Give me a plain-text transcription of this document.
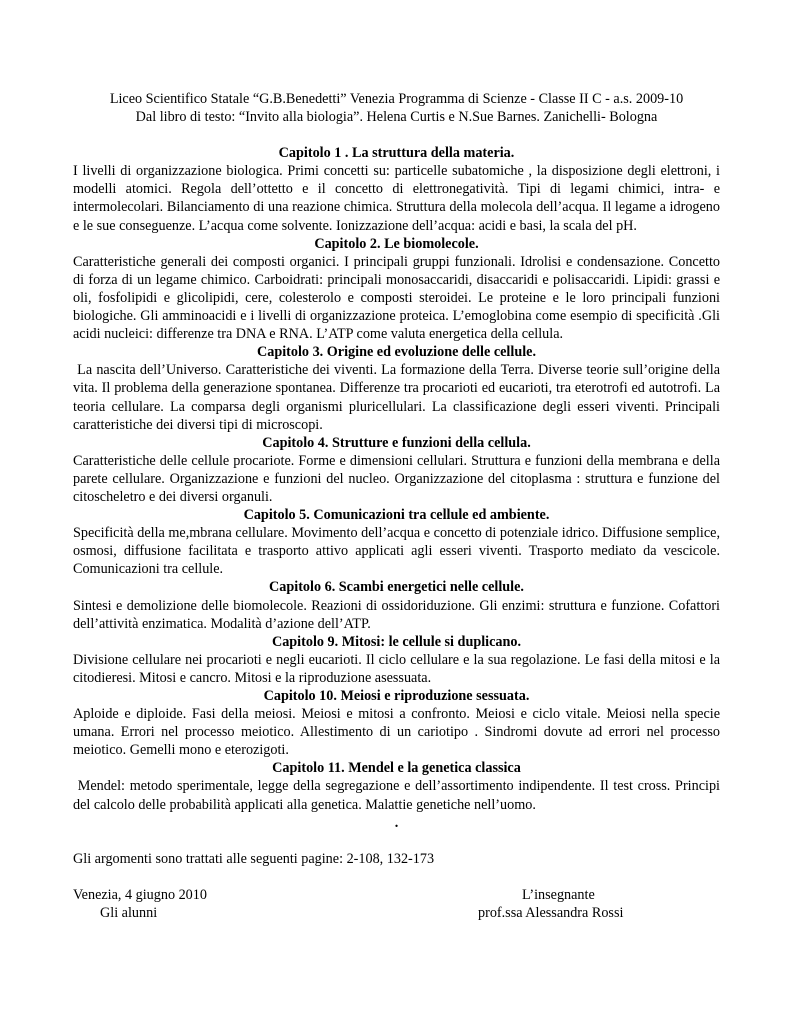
Liceo Scientifico Statale “G.B.Benedetti” Venezia Programma di Scienze - Classe II C - a.s. 2009-10
Dal libro di testo: “Invito alla biologia”. Helena Curtis e N.Sue Barnes. Zanichelli- Bologna

Capitolo 1 . La struttura della materia.

I livelli di organizzazione biologica. Primi concetti su: particelle subatomiche , la disposizione degli elettroni, i modelli atomici. Regola dell’ottetto e il concetto di elettronegatività. Tipi di legami chimici, intra- e intermolecolari. Bilanciamento di una reazione chimica. Struttura della molecola dell’acqua. Il legame a idrogeno e le sue conseguenze. L’acqua come solvente. Ionizzazione dell’acqua: acidi e basi, la scala del pH.

Capitolo 2. Le biomolecole.

Caratteristiche generali dei composti organici. I principali gruppi funzionali. Idrolisi e condensazione. Concetto di forza di un legame chimico. Carboidrati: principali monosaccaridi, disaccaridi e polisaccaridi. Lipidi: grassi e oli, fosfolipidi e glicolipidi, cere, colesterolo e composti steroidei. Le proteine e le loro principali funzioni biologiche. Gli amminoacidi e i livelli di organizzazione proteica. L’emoglobina come esempio di specificità .Gli acidi nucleici: differenze tra DNA e RNA. L’ATP come valuta energetica della cellula.

Capitolo 3. Origine ed evoluzione delle cellule.

La nascita dell’Universo. Caratteristiche dei viventi. La formazione della Terra. Diverse teorie sull’origine della vita. Il problema della generazione spontanea. Differenze tra procarioti ed eucarioti, tra eterotrofi ed autotrofi. La teoria cellulare. La comparsa degli organismi pluricellulari. La classificazione degli esseri viventi. Principali caratteristiche dei diversi tipi di microscopi.

Capitolo 4. Strutture e funzioni della cellula.

Caratteristiche delle cellule procariote. Forme e dimensioni cellulari. Struttura e funzioni della membrana e della parete cellulare. Organizzazione e funzioni del nucleo. Organizzazione del citoplasma : struttura e funzione del citoscheletro e dei diversi organuli.

Capitolo 5. Comunicazioni tra cellule ed ambiente.

Specificità della me,mbrana cellulare. Movimento dell’acqua e concetto di potenziale idrico. Diffusione semplice, osmosi, diffusione facilitata e trasporto attivo applicati agli esseri viventi. Trasporto mediato da vescicole. Comunicazioni tra cellule.

Capitolo 6. Scambi energetici nelle cellule.

Sintesi e demolizione delle biomolecole. Reazioni di ossidoriduzione. Gli enzimi: struttura e funzione. Cofattori dell’attività enzimatica. Modalità d’azione dell’ATP.

Capitolo 9. Mitosi: le cellule si duplicano.

Divisione cellulare nei procarioti e negli eucarioti. Il ciclo cellulare e la sua regolazione. Le fasi della mitosi e la citodieresi. Mitosi e cancro. Mitosi e la riproduzione asessuata.

Capitolo 10. Meiosi e riproduzione sessuata.

Aploide e diploide. Fasi della meiosi. Meiosi e mitosi a confronto. Meiosi e ciclo vitale. Meiosi nella specie umana. Errori nel processo meiotico. Allestimento di un cariotipo . Sindromi dovute ad errori nel processo meiotico. Gemelli mono e eterozigoti.

Capitolo 11. Mendel e la genetica classica

Mendel: metodo sperimentale, legge della segregazione e dell’assortimento indipendente. Il test cross. Principi del calcolo delle probabilità applicati alla genetica. Malattie genetiche nell’uomo.

.
Gli argomenti sono trattati alle seguenti pagine: 2-108, 132-173
Venezia, 4 giugno 2010	L’insegnante
Gli alunni	prof.ssa Alessandra Rossi
